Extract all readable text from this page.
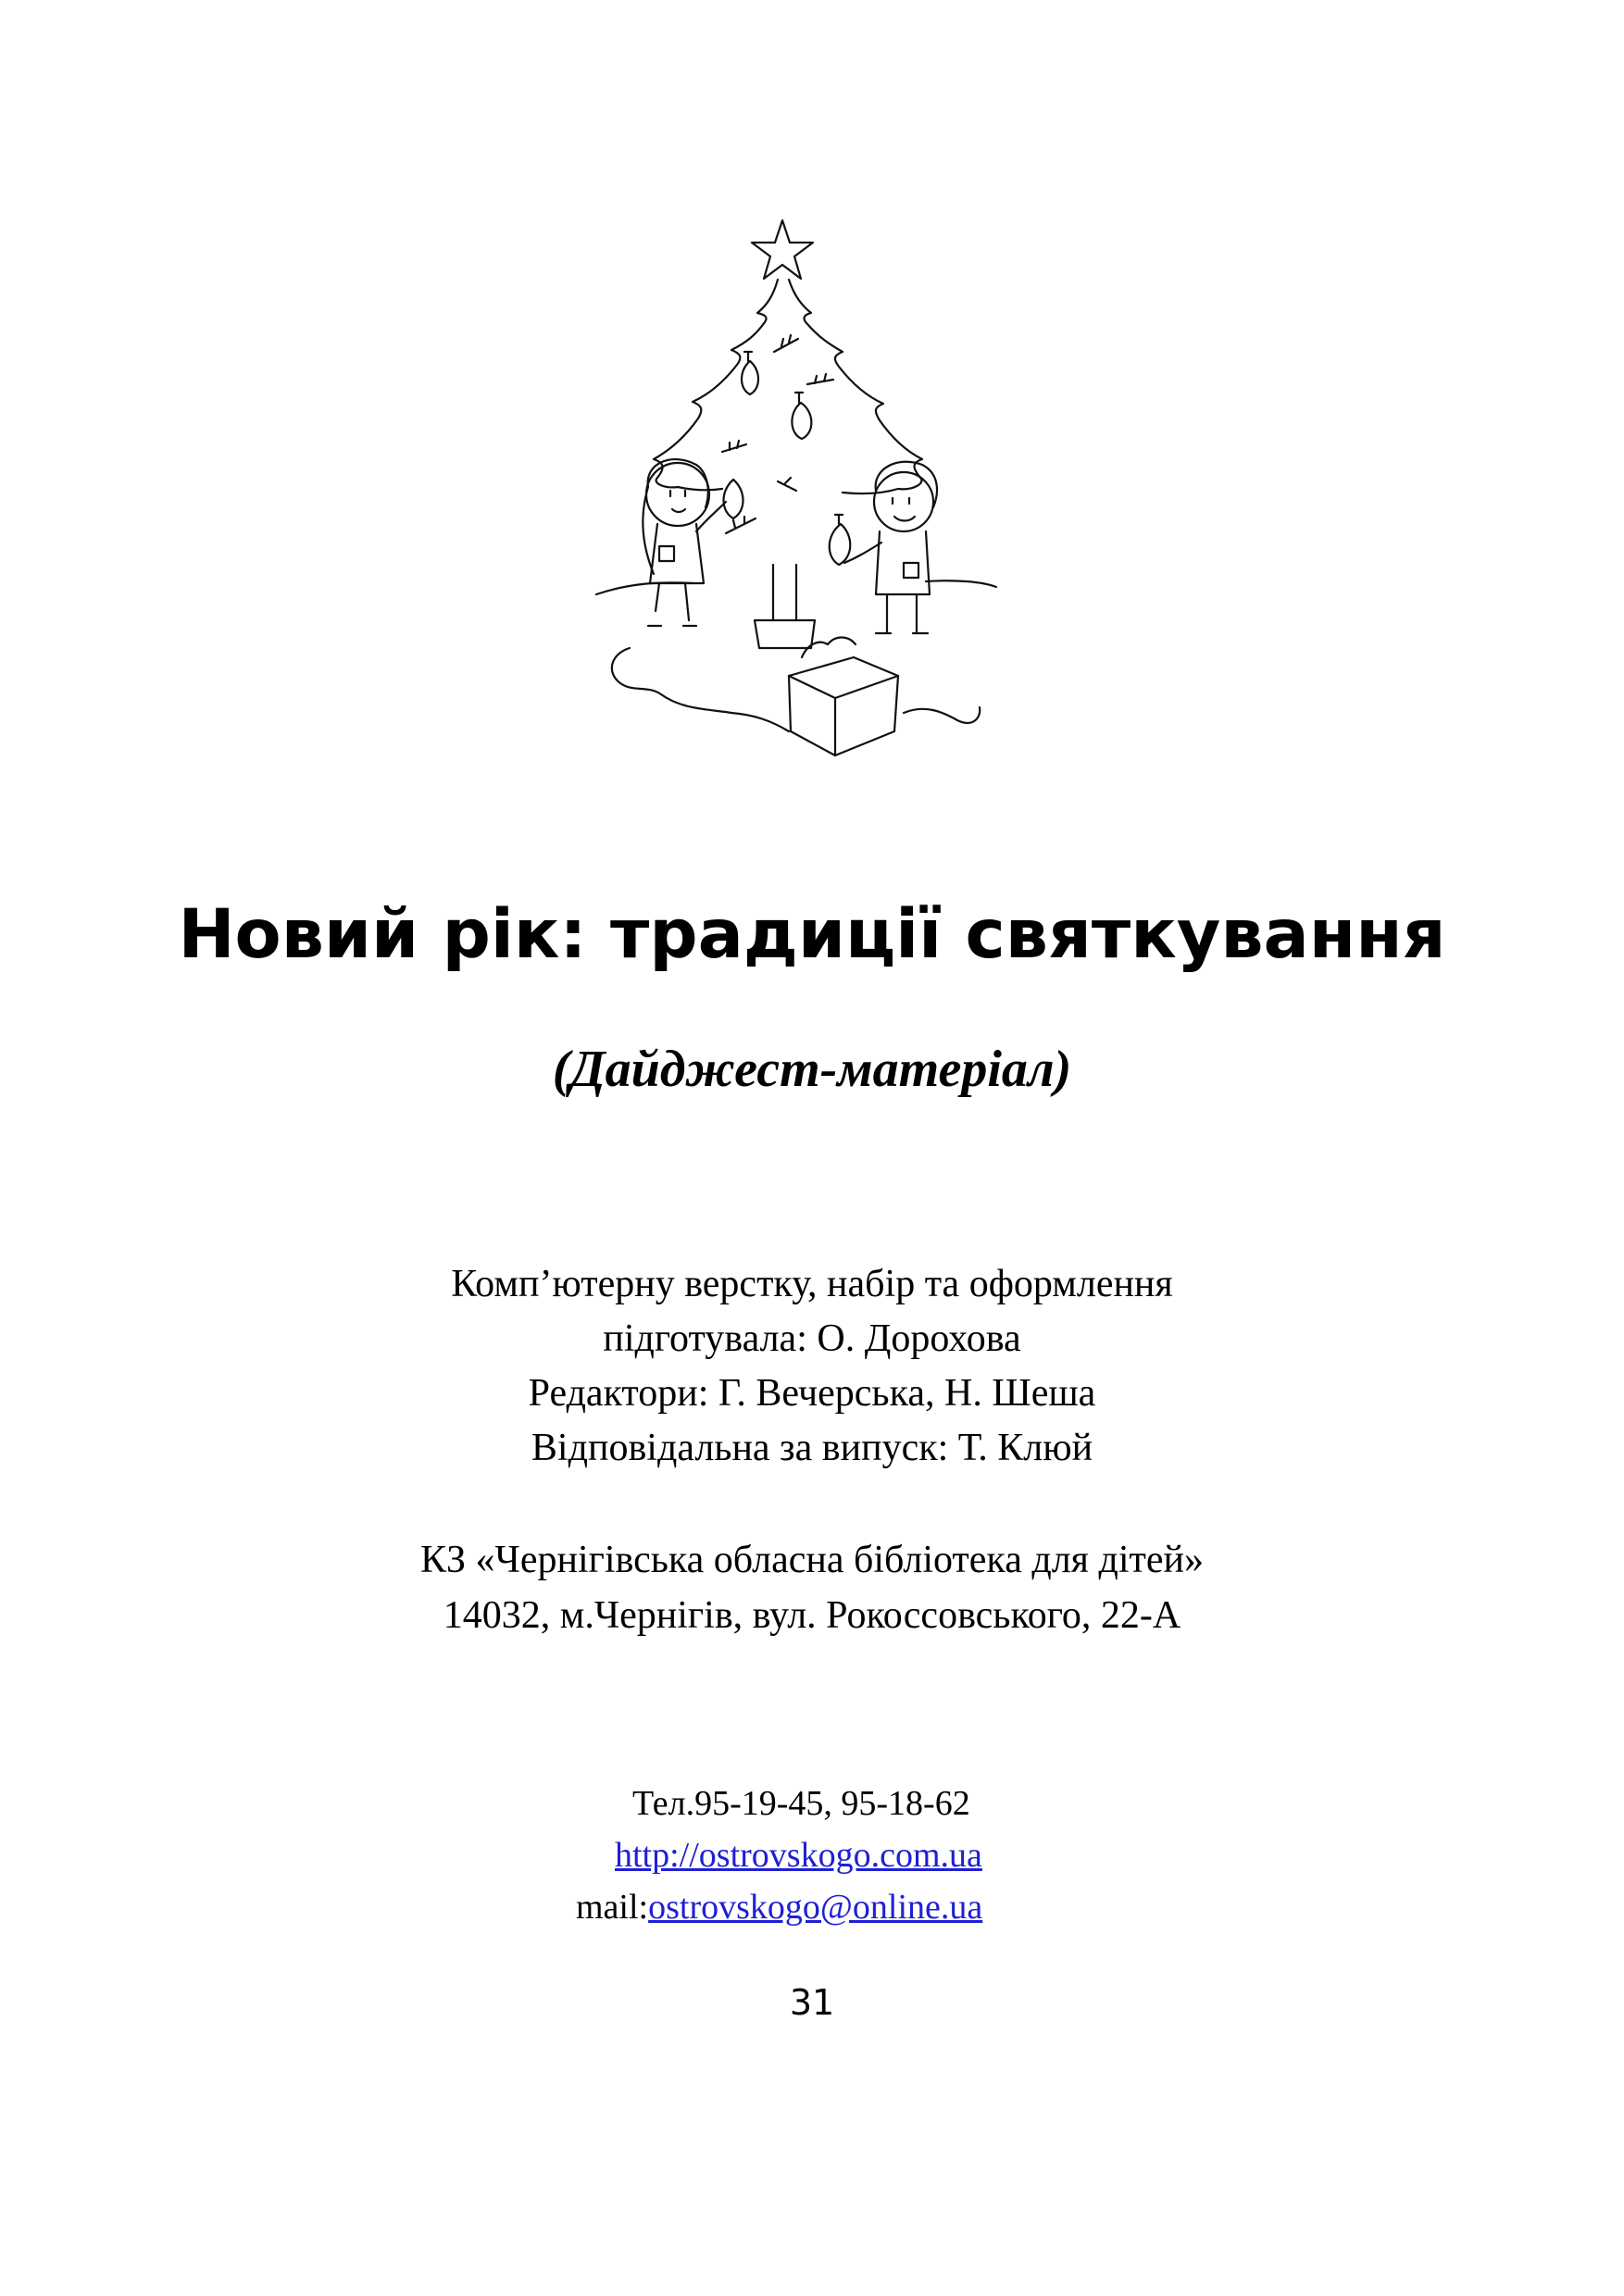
Новий рік: традиції святкування
(Дайджест-матеріал)
Комп’ютерну верстку, набір та оформлення
підготувала: О. Дорохова
Редактори: Г. Вечерська, Н. Шеша
Відповідальна за випуск: Т. Клюй
КЗ «Чернігівська обласна бібліотека для дітей»
14032, м.Чернігів, вул. Рокоссовського, 22-А
Тел.95-19-45, 95-18-62
http://ostrovskogo.com.ua
mail:ostrovskogo@online.ua
31
